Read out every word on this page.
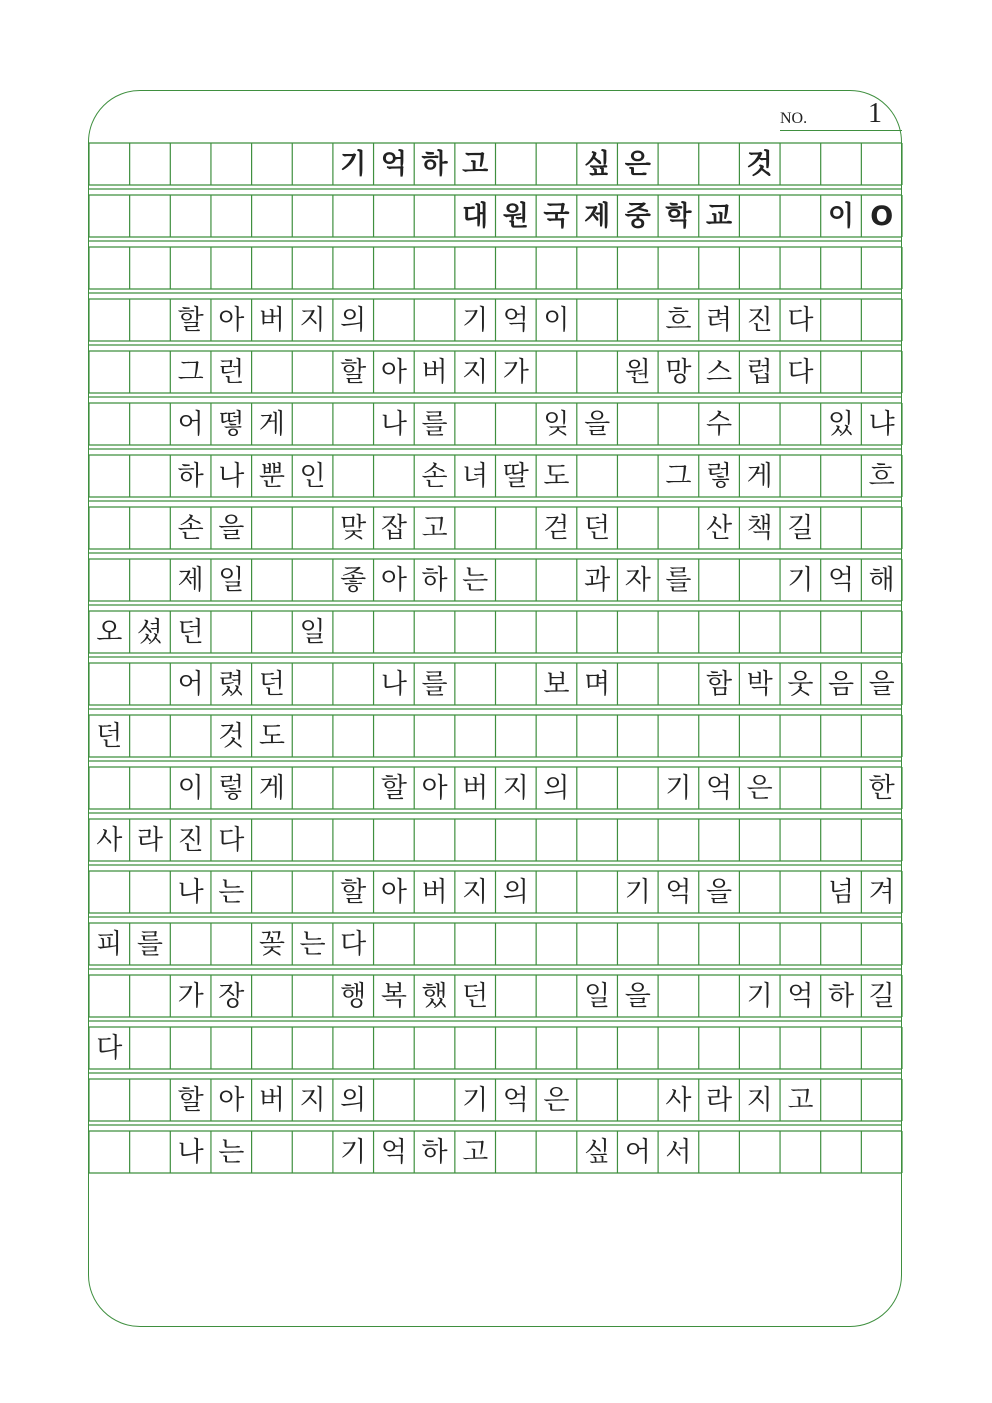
NO. 1
기 억 하 고	싶 은	것
대 원 국 제 중 학 교	이 O
할 아 버 지 의	기 억 이	흐 려 진 다
그 런	할 아 버 지 가	원 망 스 럽 다
어 떻 게	나 를	잊 을	수	있 냐
하 나 뿐 인	손 녀 딸 도	그 렇 게	흐
손 을	맞 잡 고	걷 던	산 책 길
제 일	좋 아 하 는	과 자 를	기 억 해
오 셨 던	일
어 렸 던	나 를	보 며	함 박 웃 음 을
던	것 도
이 렇 게	할 아 버 지 의	기 억 은	한
사 라 진 다
나 는	할 아 버 지 의	기 억 을	넘 겨
피 를	꽂 는 다
가 장	행 복 했 던	일 을	기 억 하 길
다
할 아 버 지 의	기 억 은	사 라 지 고
나 는	기 억 하 고	싶 어 서
